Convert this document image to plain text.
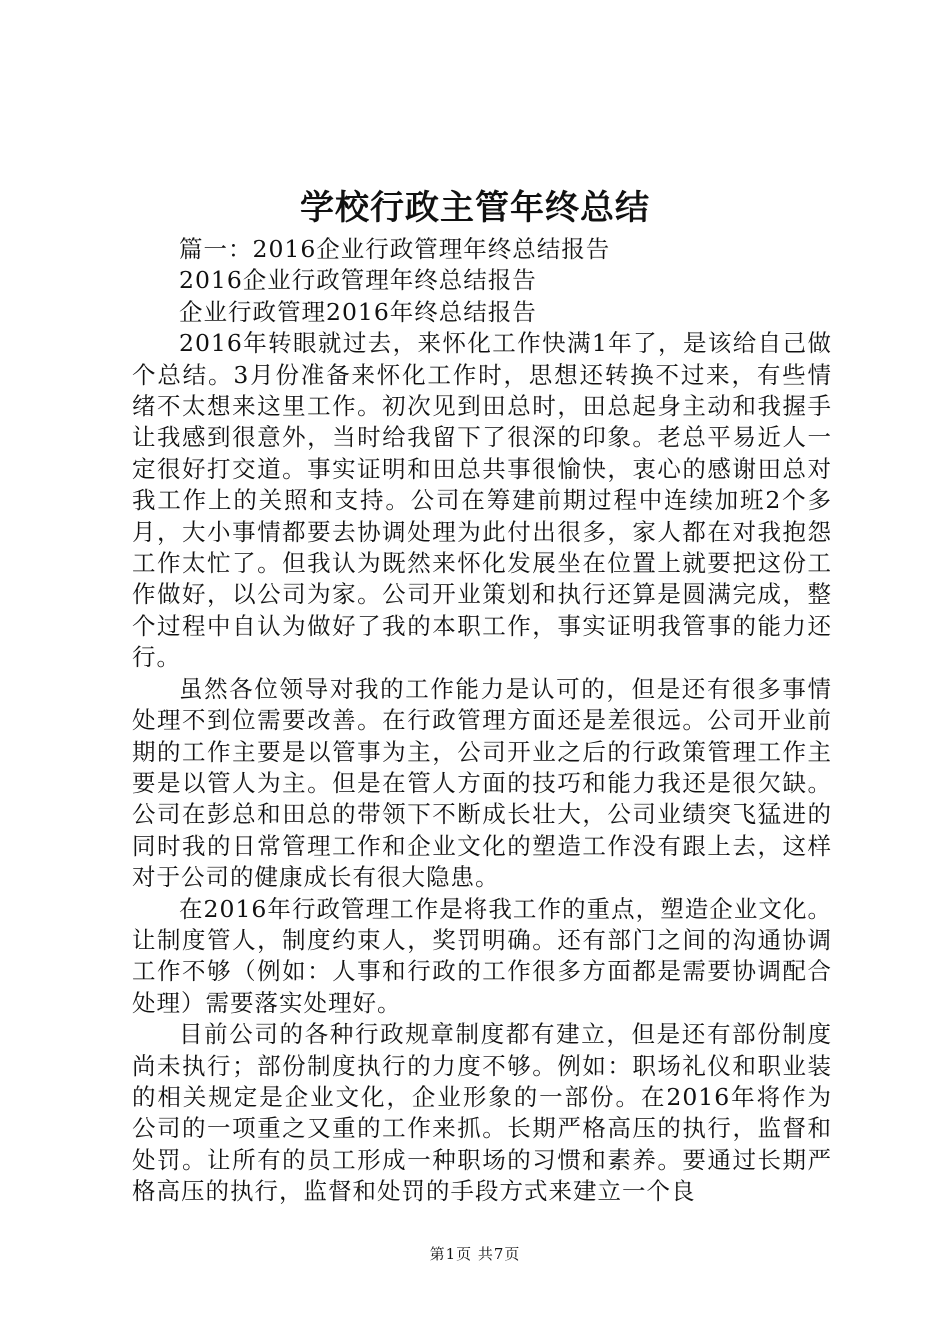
学校行政主管年终总结

篇一：2016企业行政管理年终总结报告

2016企业行政管理年终总结报告

企业行政管理2016年终总结报告

2016年转眼就过去，来怀化工作快满1年了，是该给自己做个总结。3月份准备来怀化工作时，思想还转换不过来，有些情绪不太想来这里工作。初次见到田总时，田总起身主动和我握手让我感到很意外，当时给我留下了很深的印象。老总平易近人一定很好打交道。事实证明和田总共事很愉快，衷心的感谢田总对我工作上的关照和支持。公司在筹建前期过程中连续加班2个多月，大小事情都要去协调处理为此付出很多，家人都在对我抱怨工作太忙了。但我认为既然来怀化发展坐在位置上就要把这份工作做好，以公司为家。公司开业策划和执行还算是圆满完成，整个过程中自认为做好了我的本职工作，事实证明我管事的能力还行。

虽然各位领导对我的工作能力是认可的，但是还有很多事情处理不到位需要改善。在行政管理方面还是差很远。公司开业前期的工作主要是以管事为主，公司开业之后的行政策管理工作主要是以管人为主。但是在管人方面的技巧和能力我还是很欠缺。公司在彭总和田总的带领下不断成长壮大，公司业绩突飞猛进的同时我的日常管理工作和企业文化的塑造工作没有跟上去，这样对于公司的健康成长有很大隐患。

在2016年行政管理工作是将我工作的重点，塑造企业文化。让制度管人，制度约束人，奖罚明确。还有部门之间的沟通协调工作不够（例如：人事和行政的工作很多方面都是需要协调配合处理）需要落实处理好。

目前公司的各种行政规章制度都有建立，但是还有部份制度尚未执行；部份制度执行的力度不够。例如：职场礼仪和职业装的相关规定是企业文化，企业形象的一部份。在2016年将作为公司的一项重之又重的工作来抓。长期严格高压的执行，监督和处罚。让所有的员工形成一种职场的习惯和素养。要通过长期严格高压的执行，监督和处罚的手段方式来建立一个良

第1页 共7页
